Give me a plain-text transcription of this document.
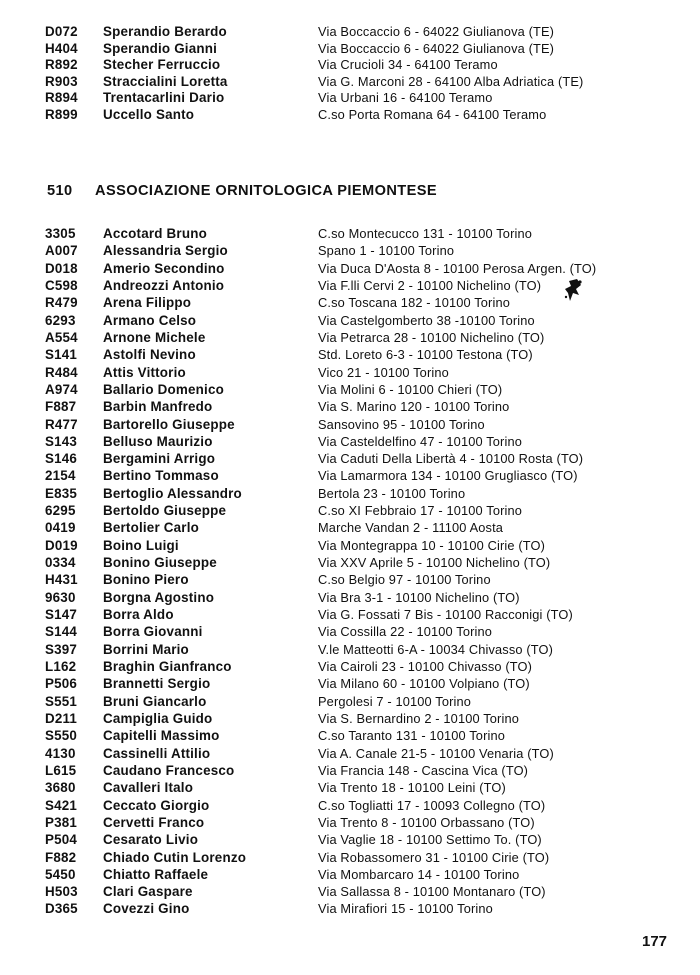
D072 Sperandio Berardo	Via Boccaccio 6 - 64022 Giulianova (TE)
H404 Sperandio Gianni	Via Boccaccio 6 - 64022 Giulianova (TE)
R892 Stecher Ferruccio	Via Crucioli 34 - 64100 Teramo
R903 Straccialini Loretta	Via G. Marconi 28 - 64100 Alba Adriatica (TE)
R894 Trentacarlini Dario	Via Urbani 16 - 64100 Teramo
R899 Uccello Santo	C.so Porta Romana 64 - 64100 Teramo
510 ASSOCIAZIONE ORNITOLOGICA PIEMONTESE
3305 Accotard Bruno	C.so Montecucco 131 - 10100 Torino
A007 Alessandria Sergio	Spano 1 - 10100 Torino
D018 Amerio Secondino	Via Duca D'Aosta 8 - 10100 Perosa Argen. (TO)
C598 Andreozzi Antonio	Via F.lli Cervi 2 - 10100 Nichelino (TO)
R479 Arena Filippo	C.so Toscana 182 - 10100 Torino
6293 Armano Celso	Via Castelgomberto 38 -10100 Torino
A554 Arnone Michele	Via Petrarca 28 - 10100 Nichelino (TO)
S141 Astolfi Nevino	Std. Loreto 6-3 - 10100 Testona (TO)
R484 Attis Vittorio	Vico 21 - 10100 Torino
A974 Ballario Domenico	Via Molini 6 - 10100 Chieri (TO)
F887 Barbin Manfredo	Via S. Marino 120 - 10100 Torino
R477 Bartorello Giuseppe	Sansovino 95 - 10100 Torino
S143 Belluso Maurizio	Via Casteldelfino 47 - 10100 Torino
S146 Bergamini Arrigo	Via Caduti Della Libertà 4 - 10100 Rosta (TO)
2154 Bertino Tommaso	Via Lamarmora 134 - 10100 Grugliasco (TO)
E835 Bertoglio Alessandro	Bertola 23 - 10100 Torino
6295 Bertoldo Giuseppe	C.so XI Febbraio 17 - 10100 Torino
0419 Bertolier Carlo	Marche Vandan 2 - 11100 Aosta
D019 Boino Luigi	Via Montegrappa 10 - 10100 Cirie (TO)
0334 Bonino Giuseppe	Via XXV Aprile 5 - 10100 Nichelino (TO)
H431 Bonino Piero	C.so Belgio 97 - 10100 Torino
9630 Borgna Agostino	Via Bra 3-1 - 10100 Nichelino (TO)
S147 Borra Aldo	Via G. Fossati 7 Bis - 10100 Racconigi (TO)
S144 Borra Giovanni	Via Cossilla 22 - 10100 Torino
S397 Borrini Mario	V.le Matteotti 6-A - 10034 Chivasso (TO)
L162 Braghin Gianfranco	Via Cairoli 23 - 10100 Chivasso (TO)
P506 Brannetti Sergio	Via Milano 60 - 10100 Volpiano (TO)
S551 Bruni Giancarlo	Pergolesi 7 - 10100 Torino
D211 Campiglia Guido	Via S. Bernardino 2 - 10100 Torino
S550 Capitelli Massimo	C.so Taranto 131 - 10100 Torino
4130 Cassinelli Attilio	Via A. Canale 21-5 - 10100 Venaria (TO)
L615 Caudano Francesco	Via Francia 148 - Cascina Vica (TO)
3680 Cavalleri Italo	Via Trento 18 - 10100 Leini (TO)
S421 Ceccato Giorgio	C.so Togliatti 17 - 10093 Collegno (TO)
P381 Cervetti Franco	Via Trento 8 - 10100 Orbassano (TO)
P504 Cesarato Livio	Via Vaglie 18 - 10100 Settimo To. (TO)
F882 Chiado Cutin Lorenzo	Via Robassomero 31 - 10100 Cirie (TO)
5450 Chiatto Raffaele	Via Mombarcaro 14 - 10100 Torino
H503 Clari Gaspare	Via Sallassa 8 - 10100 Montanaro (TO)
D365 Covezzi Gino	Via Mirafiori 15 - 10100 Torino
177
